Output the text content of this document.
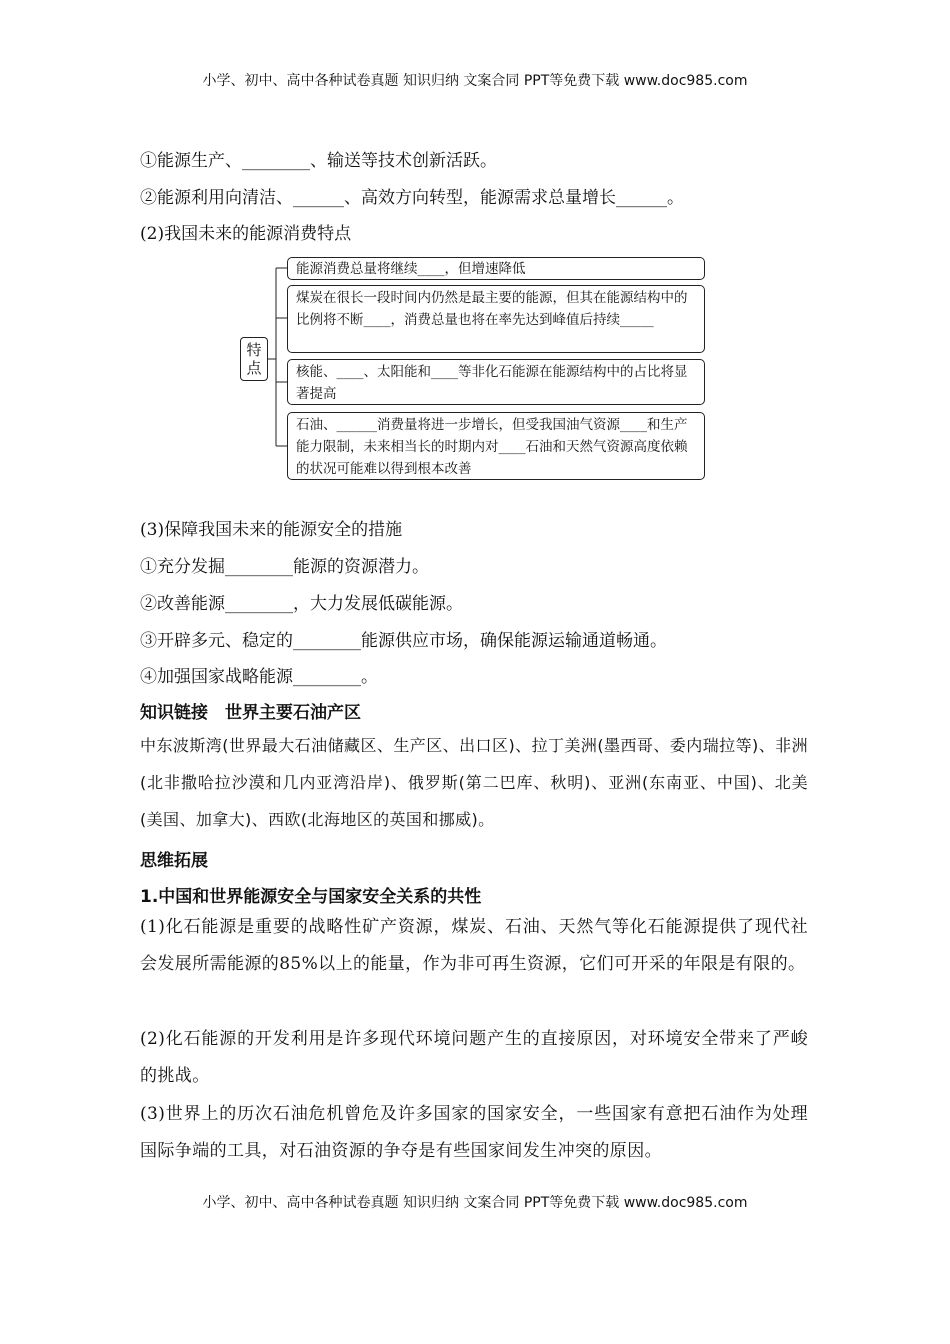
小学、初中、高中各种试卷真题 知识归纳 文案合同 PPT等免费下载 www.doc985.com
①能源生产、________、输送等技术创新活跃。
②能源利用向清洁、______、高效方向转型，能源需求总量增长______。
(2)我国未来的能源消费特点
特
点
能源消费总量将继续____，但增速降低
煤炭在很长一段时间内仍然是最主要的能源，但其在能源结构中的比例将不断____，消费总量也将在率先达到峰值后持续_____
核能、____、太阳能和____等非化石能源在能源结构中的占比将显著提高
石油、______消费量将进一步增长，但受我国油气资源____和生产能力限制，未来相当长的时期内对____石油和天然气资源高度依赖的状况可能难以得到根本改善
(3)保障我国未来的能源安全的措施
①充分发掘________能源的资源潜力。
②改善能源________，大力发展低碳能源。
③开辟多元、稳定的________能源供应市场，确保能源运输通道畅通。
④加强国家战略能源________。
知识链接　世界主要石油产区
中东波斯湾(世界最大石油储藏区、生产区、出口区)、拉丁美洲(墨西哥、委内瑞拉等)、非洲(北非撒哈拉沙漠和几内亚湾沿岸)、俄罗斯(第二巴库、秋明)、亚洲(东南亚、中国)、北美(美国、加拿大)、西欧(北海地区的英国和挪威)。
思维拓展
1.中国和世界能源安全与国家安全关系的共性
(1)化石能源是重要的战略性矿产资源，煤炭、石油、天然气等化石能源提供了现代社会发展所需能源的85%以上的能量，作为非可再生资源，它们可开采的年限是有限的。
(2)化石能源的开发利用是许多现代环境问题产生的直接原因，对环境安全带来了严峻的挑战。
(3)世界上的历次石油危机曾危及许多国家的国家安全，一些国家有意把石油作为处理国际争端的工具，对石油资源的争夺是有些国家间发生冲突的原因。
小学、初中、高中各种试卷真题 知识归纳 文案合同 PPT等免费下载 www.doc985.com
